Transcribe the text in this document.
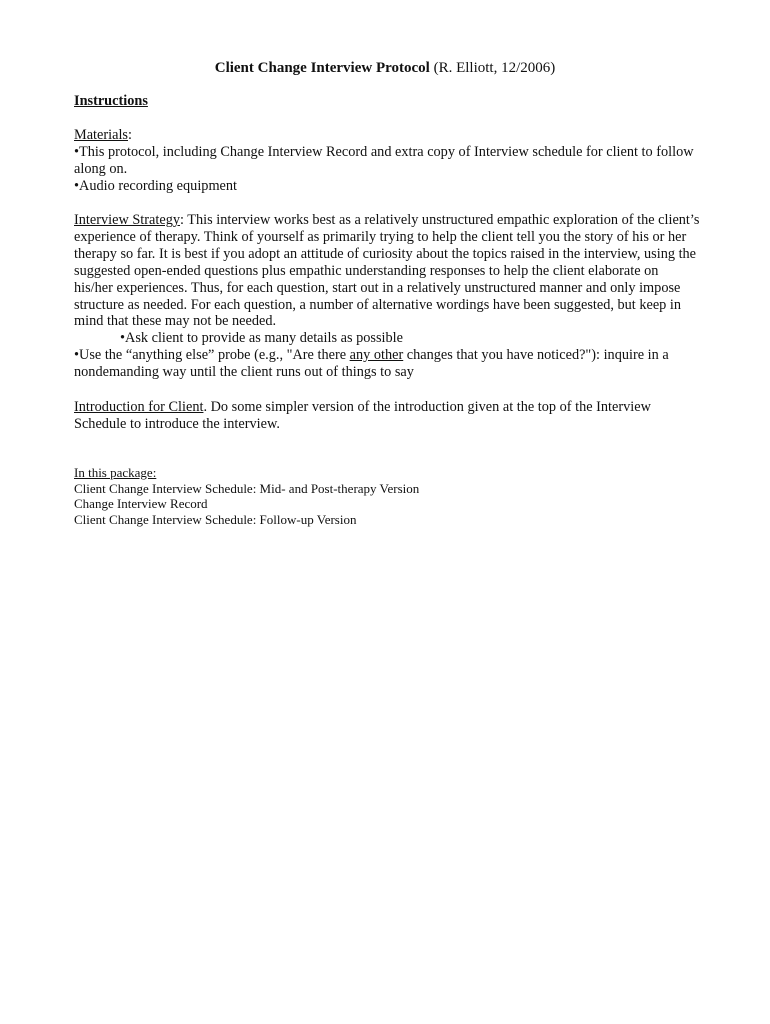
Client Change Interview Protocol (R. Elliott, 12/2006)
Instructions

Materials:

•This protocol, including Change Interview Record and extra copy of Interview schedule for client to follow along on.

•Audio recording equipment

Interview Strategy: This interview works best as a relatively unstructured empathic exploration of the client’s experience of therapy. Think of yourself as primarily trying to help the client tell you the story of his or her therapy so far. It is best if you adopt an attitude of curiosity about the topics raised in the interview, using the suggested open-ended questions plus empathic understanding responses to help the client elaborate on his/her experiences. Thus, for each question, start out in a relatively unstructured manner and only impose structure as needed. For each question, a number of alternative wordings have been suggested, but keep in mind that these may not be needed.

•Ask client to provide as many details as possible

•Use the “anything else” probe (e.g., "Are there any other changes that you have noticed?"): inquire in a nondemanding way until the client runs out of things to say

Introduction for Client. Do some simpler version of the introduction given at the top of the Interview Schedule to introduce the interview.

In this package:

Client Change Interview Schedule: Mid- and Post-therapy Version

Change Interview Record

Client Change Interview Schedule: Follow-up Version
